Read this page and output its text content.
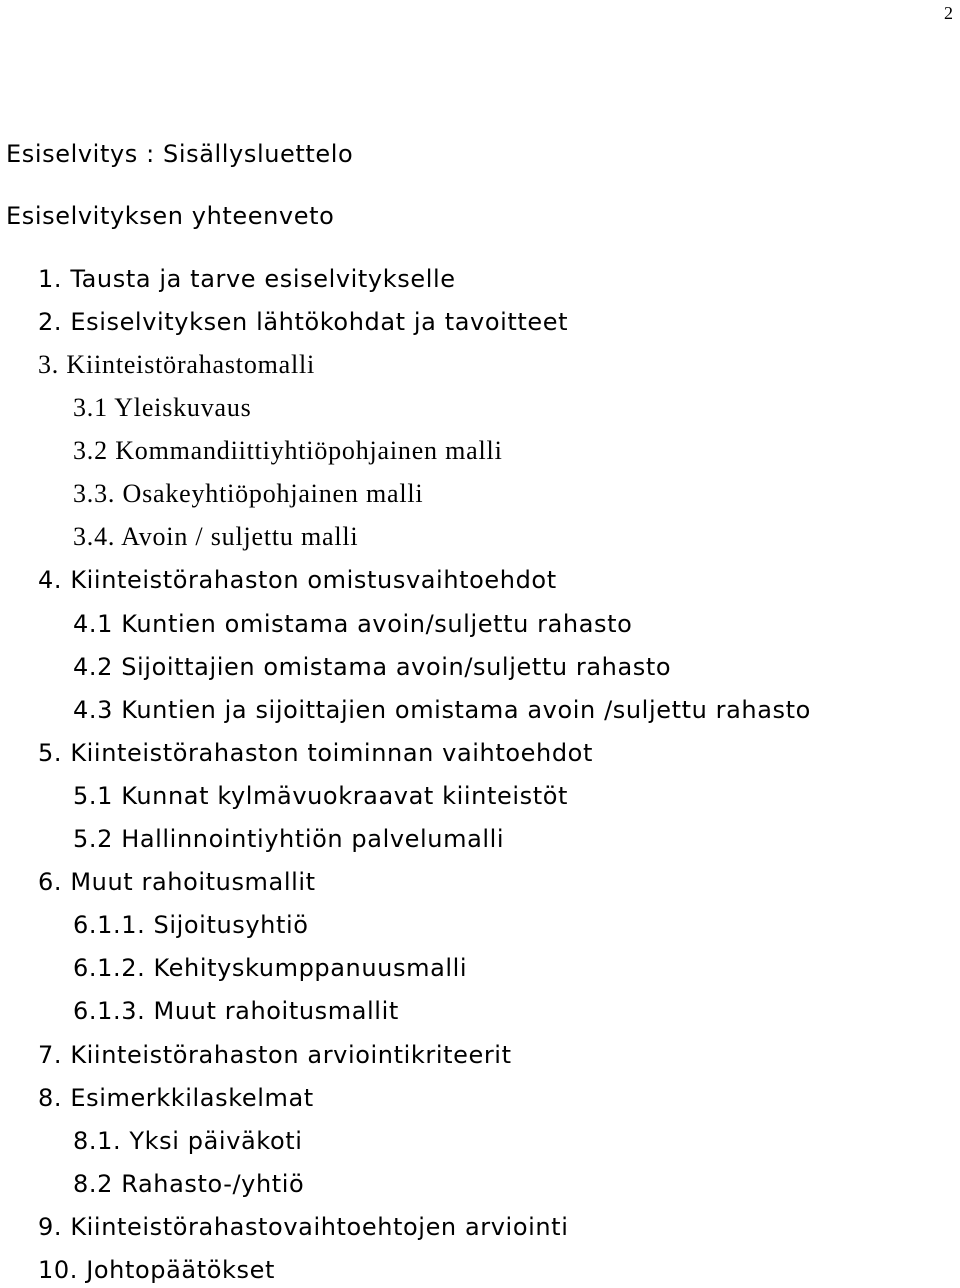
2
Esiselvitys : Sisällysluettelo
Esiselvityksen yhteenveto
1. Tausta ja tarve esiselvitykselle
2. Esiselvityksen lähtökohdat ja tavoitteet
3. Kiinteistörahastomalli
3.1 Yleiskuvaus
3.2 Kommandiittiyhtiöpohjainen malli
3.3. Osakeyhtiöpohjainen malli
3.4. Avoin / suljettu malli
4. Kiinteistörahaston omistusvaihtoehdot
4.1 Kuntien omistama avoin/suljettu rahasto
4.2 Sijoittajien omistama avoin/suljettu rahasto
4.3 Kuntien ja sijoittajien omistama avoin /suljettu rahasto
5. Kiinteistörahaston toiminnan vaihtoehdot
5.1 Kunnat kylmävuokraavat kiinteistöt
5.2 Hallinnointiyhtiön palvelumalli
6. Muut rahoitusmallit
6.1.1. Sijoitusyhtiö
6.1.2. Kehityskumppanuusmalli
6.1.3. Muut rahoitusmallit
7. Kiinteistörahaston arviointikriteerit
8. Esimerkkilaskelmat
8.1. Yksi päiväkoti
8.2 Rahasto-/yhtiö
9. Kiinteistörahastovaihtoehtojen arviointi
10. Johtopäätökset
